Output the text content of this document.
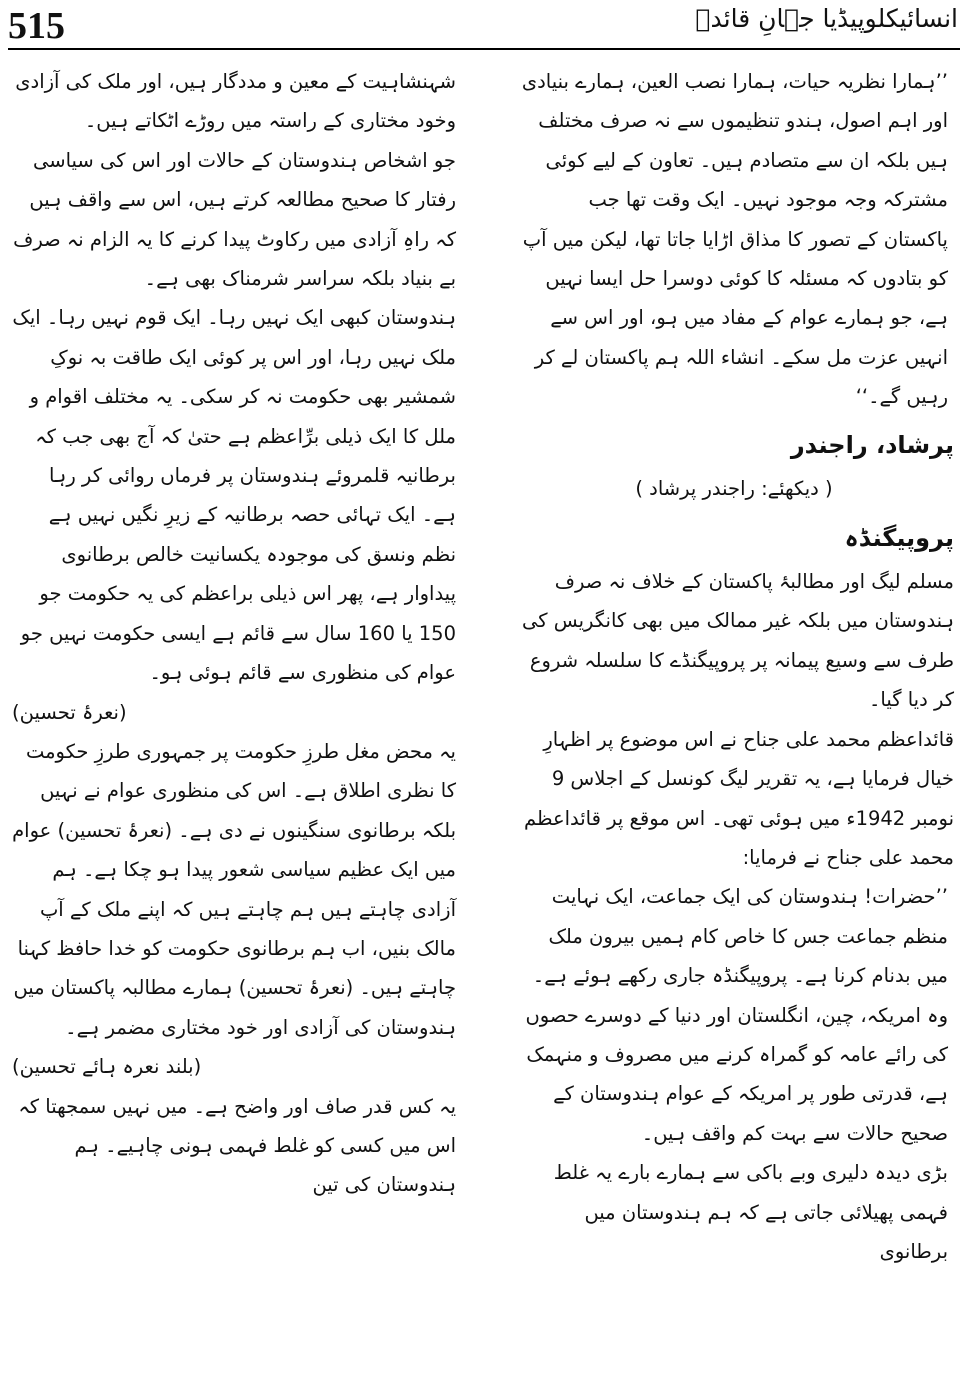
515	انسائیکلوپیڈیا جہانِ قائدؒ

’’ہمارا نظریہ حیات، ہمارا نصب العین، ہمارے بنیادی اور اہم اصول، ہندو تنظیموں سے نہ صرف مختلف ہیں بلکہ ان سے متصادم ہیں۔ تعاون کے لیے کوئی مشترکہ وجہ موجود نہیں۔ ایک وقت تھا جب پاکستان کے تصور کا مذاق اڑایا جاتا تھا، لیکن میں آپ کو بتادوں کہ مسئلہ کا کوئی دوسرا حل ایسا نہیں ہے، جو ہمارے عوام کے مفاد میں ہو، اور اس سے انہیں عزت مل سکے۔ انشاء اللہ ہم پاکستان لے کر رہیں گے۔‘‘

پرشاد، راجندر

( دیکھئے: راجندر پرشاد )

پروپیگنڈہ

مسلم لیگ اور مطالبۂ پاکستان کے خلاف نہ صرف ہندوستان میں بلکہ غیر ممالک میں بھی کانگریس کی طرف سے وسیع پیمانہ پر پروپیگنڈے کا سلسلہ شروع کر دیا گیا۔

قائداعظم محمد علی جناح نے اس موضوع پر اظہارِ خیال فرمایا ہے، یہ تقریر لیگ کونسل کے اجلاس 9 نومبر 1942ء میں ہوئی تھی۔ اس موقع پر قائداعظم محمد علی جناح نے فرمایا:

’’حضرات! ہندوستان کی ایک جماعت، ایک نہایت منظم جماعت جس کا خاص کام ہمیں بیرون ملک میں بدنام کرنا ہے۔ پروپیگنڈہ جاری رکھے ہوئے ہے۔

وہ امریکہ، چین، انگلستان اور دنیا کے دوسرے حصوں کی رائے عامہ کو گمراہ کرنے میں مصروف و منہمک ہے، قدرتی طور پر امریکہ کے عوام ہندوستان کے صحیح حالات سے بہت کم واقف ہیں۔

بڑی دیدہ دلیری وبے باکی سے ہمارے بارے یہ غلط فہمی پھیلائی جاتی ہے کہ ہم ہندوستان میں برطانوی

شہنشاہیت کے معین و مددگار ہیں، اور ملک کی آزادی وخود مختاری کے راستہ میں روڑے اٹکاتے ہیں۔

جو اشخاص ہندوستان کے حالات اور اس کی سیاسی رفتار کا صحیح مطالعہ کرتے ہیں، اس سے واقف ہیں کہ راہِ آزادی میں رکاوٹ پیدا کرنے کا یہ الزام نہ صرف بے بنیاد بلکہ سراسر شرمناک بھی ہے۔

ہندوستان کبھی ایک نہیں رہا۔ ایک قوم نہیں رہا۔ ایک ملک نہیں رہا، اور اس پر کوئی ایک طاقت بہ نوکِ شمشیر بھی حکومت نہ کر سکی۔ یہ مختلف اقوام و ملل کا ایک ذیلی برِّاعظم ہے حتیٰ کہ آج بھی جب کہ برطانیہ قلمروئے ہندوستان پر فرماں روائی کر رہا ہے۔ ایک تہائی حصہ برطانیہ کے زیرِ نگیں نہیں ہے نظم ونسق کی موجودہ یکسانیت خالص برطانوی پیداوار ہے، پھر اس ذیلی براعظم کی یہ حکومت جو 150 یا 160 سال سے قائم ہے ایسی حکومت نہیں جو عوام کی منظوری سے قائم ہوئی ہو۔

(نعرۂ تحسین)

یہ محض مغل طرزِ حکومت پر جمہوری طرزِ حکومت کا نظری اطلاق ہے۔ اس کی منظوری عوام نے نہیں بلکہ برطانوی سنگینوں نے دی ہے۔ (نعرۂ تحسین) عوام میں ایک عظیم سیاسی شعور پیدا ہو چکا ہے۔ ہم آزادی چاہتے ہیں ہم چاہتے ہیں کہ اپنے ملک کے آپ مالک بنیں، اب ہم برطانوی حکومت کو خدا حافظ کہنا چاہتے ہیں۔ (نعرۂ تحسین) ہمارے مطالبہ پاکستان میں ہندوستان کی آزادی اور خود مختاری مضمر ہے۔

(بلند نعرہ ہائے تحسین)

یہ کس قدر صاف اور واضح ہے۔ میں نہیں سمجھتا کہ اس میں کسی کو غلط فہمی ہونی چاہیے۔ ہم ہندوستان کی تین
